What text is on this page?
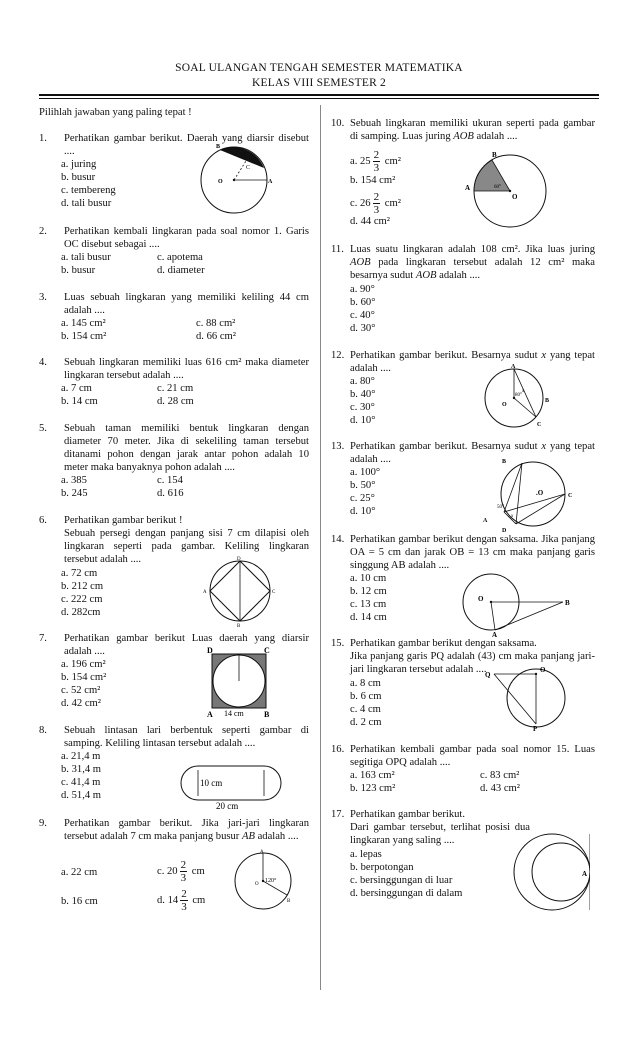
SOAL ULANGAN TENGAH SEMESTER MATEMATIKA
KELAS VIII SEMESTER 2
Pilihlah jawaban yang paling tepat !
1. Perhatikan gambar berikut. Daerah yang diarsir disebut ....
a. juring
b. busur
c. tembereng
d. tali busur
B
C
O	A
2. Perhatikan kembali lingkaran pada soal nomor 1. Garis OC disebut sebagai ....
a. tali busur	c. apotema
b. busur	d. diameter
3. Luas sebuah lingkaran yang memiliki keliling 44 cm adalah ....
a. 145 cm²	c. 88 cm²
b. 154 cm²	d. 66 cm²
4. Sebuah lingkaran memiliki luas 616 cm² maka diameter lingkaran tersebut adalah ....
a. 7 cm	c. 21 cm
b. 14 cm	d. 28 cm
5. Sebuah taman memiliki bentuk lingkaran dengan diameter 70 meter. Jika di sekeliling taman tersebut ditanami pohon dengan jarak antar pohon adalah 10 meter maka banyaknya pohon adalah ....
a. 385	c. 154
b. 245	d. 616
6. Perhatikan gambar berikut !
Sebuah persegi dengan panjang sisi 7 cm dilapisi oleh lingkaran seperti pada gambar. Keliling lingkaran tersebut adalah ....
a. 72 cm
b. 212 cm
c. 222 cm
d. 282cm
D
A	C
B
7. Perhatikan gambar berikut Luas daerah yang diarsir adalah ....
a. 196 cm²
b. 154 cm²
c. 52 cm²
d. 42 cm²
D	C
A	B
14 cm
8. Sebuah lintasan lari berbentuk seperti gambar di samping. Keliling lintasan tersebut adalah ....
a. 21,4 m
b. 31,4 m
c. 41,4 m
d. 51,4 m
10 cm
20 cm
9. Perhatikan gambar berikut. Jika jari-jari lingkaran tersebut adalah 7 cm maka panjang busur AB adalah ....
a. 22 cm	c. $20 \frac{2}{3}$ cm
b. 16 cm	d. $14 \frac{2}{3}$ cm
A
O
B
120°
10. Sebuah lingkaran memiliki ukuran seperti pada gambar di samping. Luas juring AOB adalah ....
a. $25 \frac{2}{3} cm^2$
b. 154 cm²
c. $26 \frac{2}{3} cm^2$
d. 44 cm²
B
A
O
60°
11. Luas suatu lingkaran adalah 108 cm². Jika luas juring AOB pada lingkaran tersebut adalah 12 cm² maka besarnya sudut AOB adalah ....
a. 90°
b. 60°
c. 40°
d. 30°
12. Perhatikan gambar berikut. Besarnya sudut x yang tepat adalah ....
a. 80°
b. 40°
c. 30°
d. 10°
A
O
B
C
80°
x
13. Perhatikan gambar berikut. Besarnya sudut x yang tepat adalah ....
a. 100°
b. 50°
c. 25°
d. 10°
B
.O	C
A
D
50°
x
14. Perhatikan gambar berikut dengan saksama. Jika panjang OA = 5 cm dan jarak OB = 13 cm maka panjang garis singgung AB adalah ....
a. 10 cm
b. 12 cm
c. 13 cm
d. 14 cm
O	B
A
15. Perhatikan gambar berikut dengan saksama.
Jika panjang garis PQ adalah (43) cm maka panjang jari-jari lingkaran tersebut adalah ....
a. 8 cm
b. 6 cm
c. 4 cm
d. 2 cm
Q
O
P
16. Perhatikan kembali gambar pada soal nomor 15. Luas segitiga OPQ adalah ....
a. 163 cm²	c. 83 cm²
b. 123 cm²	d. 43 cm²
17. Perhatikan gambar berikut.
Dari gambar tersebut, terlihat posisi dua lingkaran yang saling ....
a. lepas
b. berpotongan
c. bersinggungan di luar
d. bersinggungan di dalam
A
